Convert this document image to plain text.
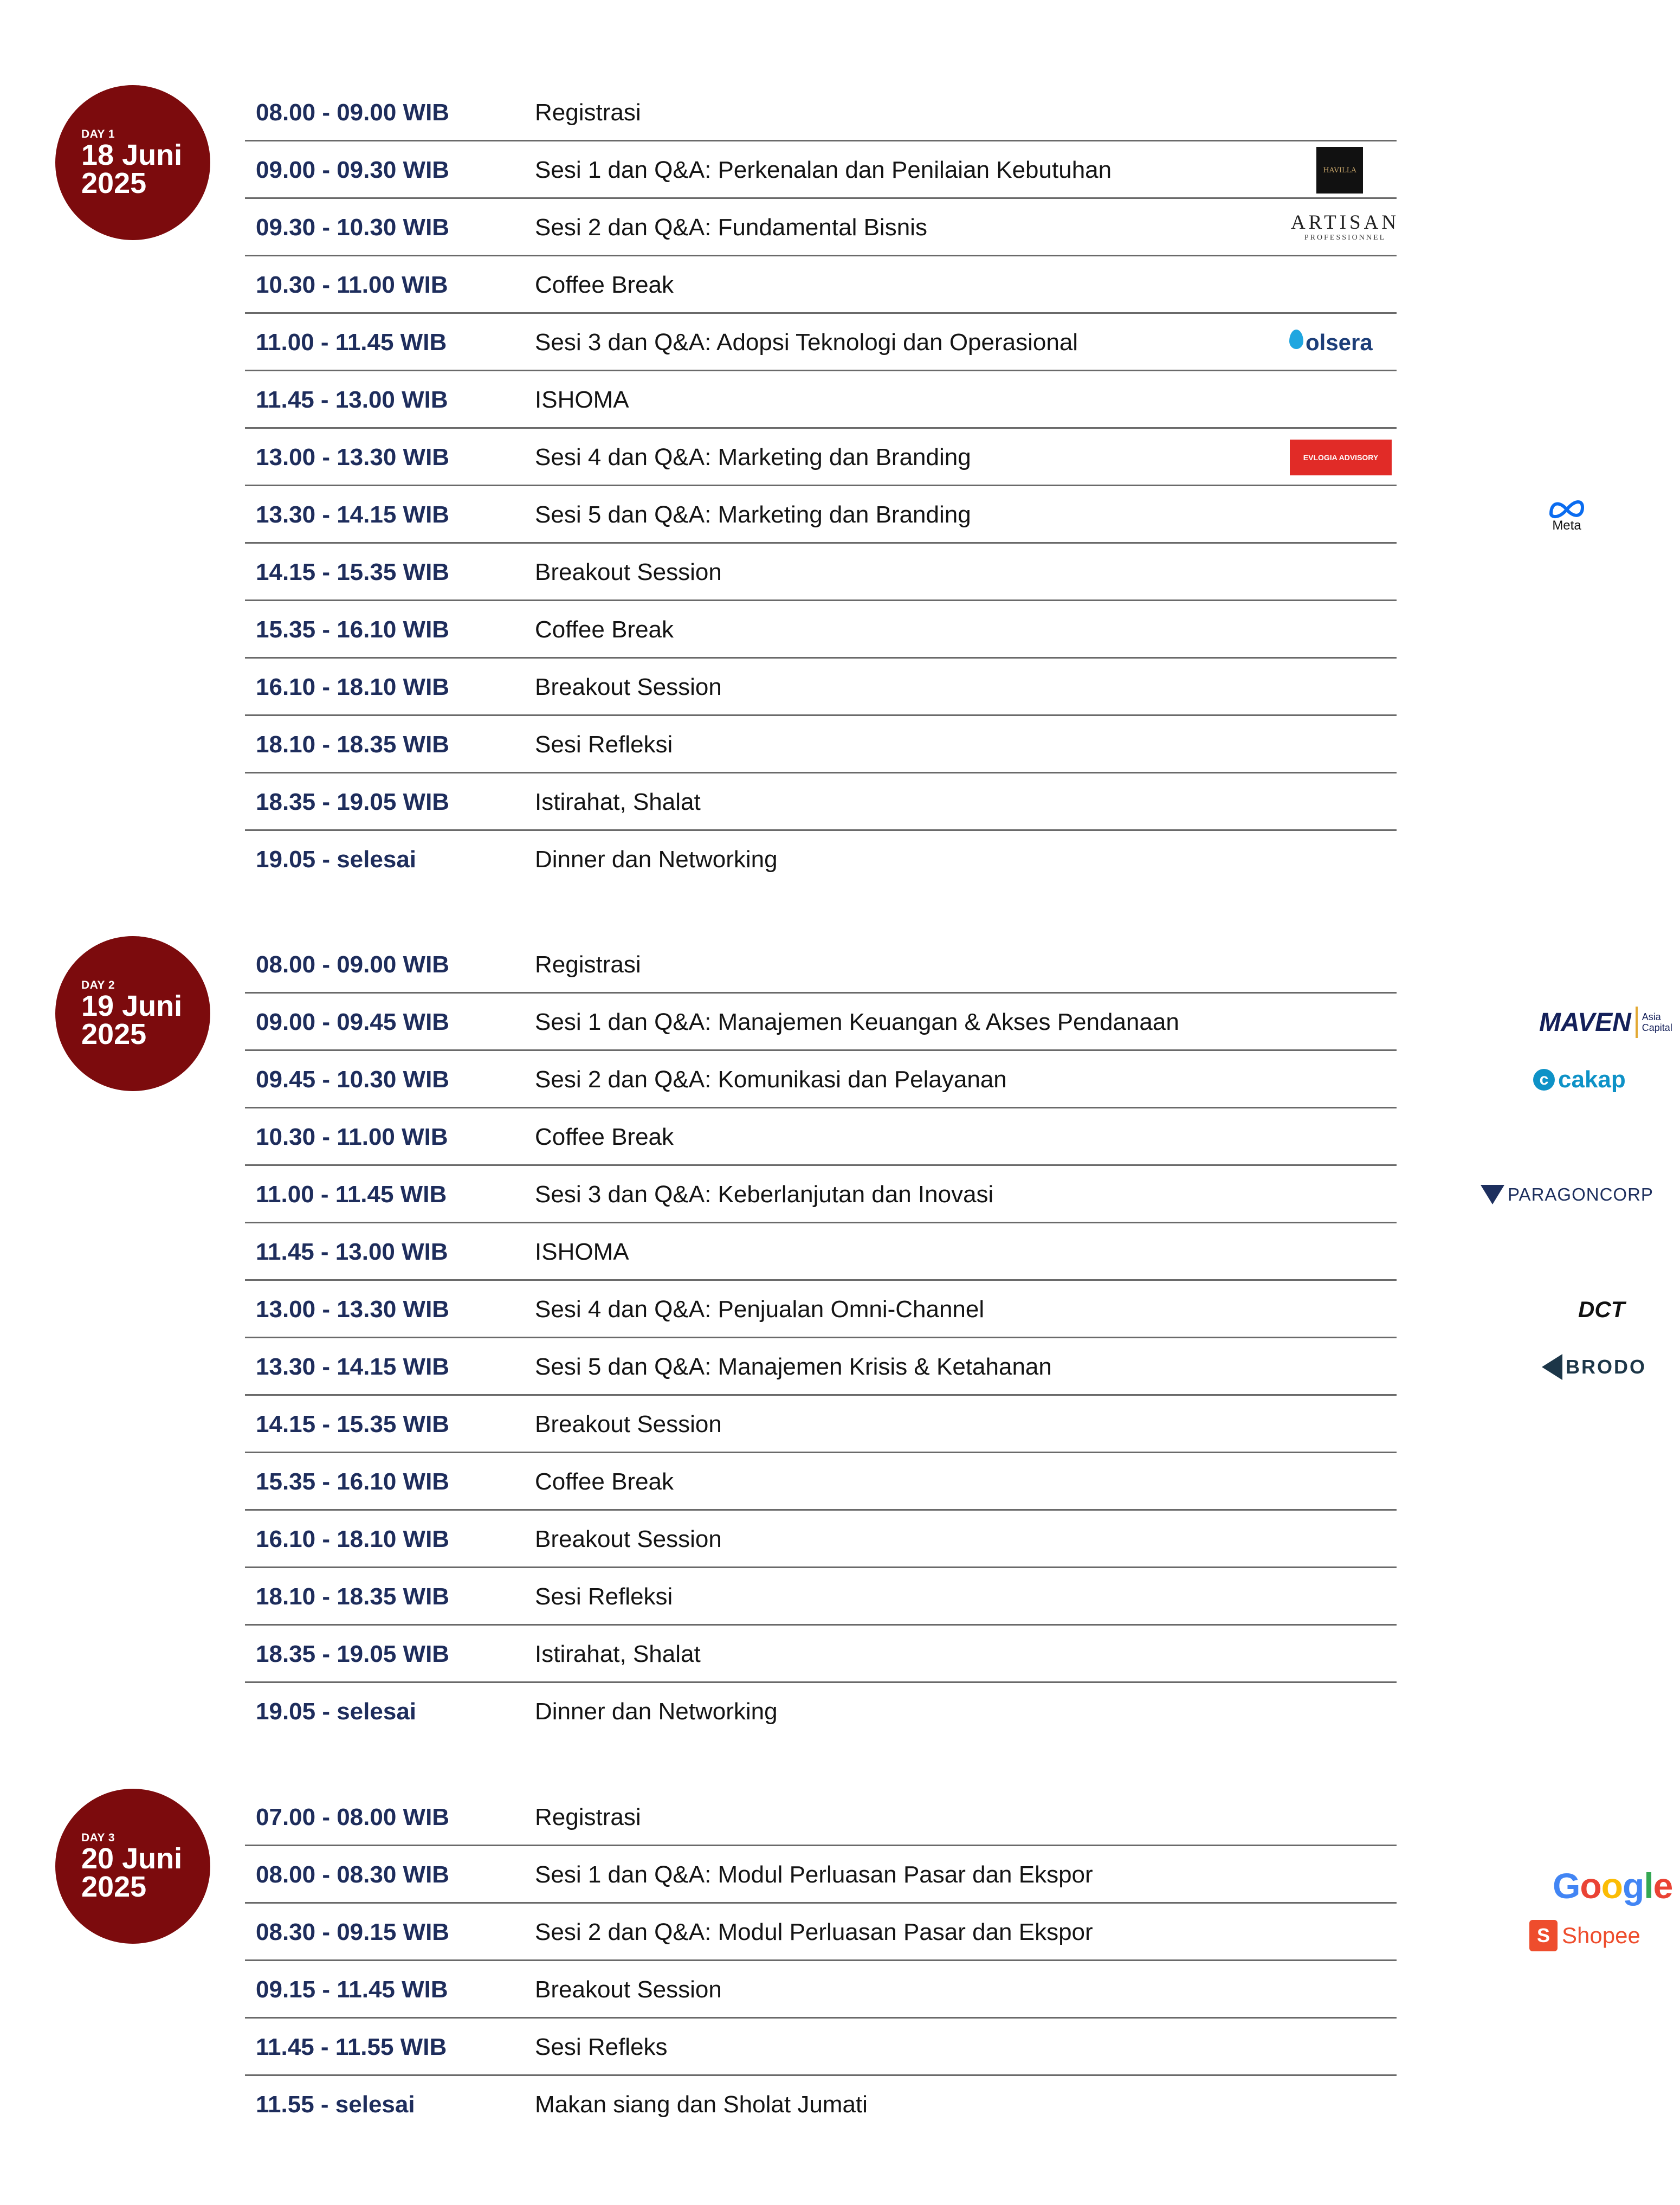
DAY 1
18 Juni
2025
08.00 - 09.00 WIB	Registrasi
09.00 - 09.30 WIB	Sesi 1 dan Q&A: Perkenalan dan Penilaian Kebutuhan	HAVILLA
09.30 - 10.30 WIB	Sesi 2 dan Q&A: Fundamental Bisnis	ARTISAN
PROFESSIONNEL
10.30 - 11.00 WIB	Coffee Break
11.00 - 11.45 WIB	Sesi 3 dan Q&A: Adopsi Teknologi dan Operasional	olsera
11.45 - 13.00 WIB	ISHOMA
13.00 - 13.30 WIB	Sesi 4 dan Q&A: Marketing dan Branding	EVLOGIA ADVISORY
13.30 - 14.15 WIB	Sesi 5 dan Q&A: Marketing dan Branding	Meta
14.15 - 15.35 WIB	Breakout Session
15.35 - 16.10 WIB	Coffee Break
16.10 - 18.10 WIB	Breakout Session
18.10 - 18.35 WIB	Sesi Refleksi
18.35 - 19.05 WIB	Istirahat, Shalat
19.05 - selesai	Dinner dan Networking
DAY 2
19 Juni
2025
08.00 - 09.00 WIB	Registrasi
09.00 - 09.45 WIB	Sesi 1 dan Q&A: Manajemen Keuangan & Akses Pendanaan	MAVEN Asia Capital
09.45 - 10.30 WIB	Sesi 2 dan Q&A: Komunikasi dan Pelayanan	c cakap
10.30 - 11.00 WIB	Coffee Break
11.00 - 11.45 WIB	Sesi 3 dan Q&A: Keberlanjutan dan Inovasi	PARAGONCORP
11.45 - 13.00 WIB	ISHOMA
13.00 - 13.30 WIB	Sesi 4 dan Q&A: Penjualan Omni-Channel	DCT
13.30 - 14.15 WIB	Sesi 5 dan Q&A: Manajemen Krisis & Ketahanan	BRODO
14.15 - 15.35 WIB	Breakout Session
15.35 - 16.10 WIB	Coffee Break
16.10 - 18.10 WIB	Breakout Session
18.10 - 18.35 WIB	Sesi Refleksi
18.35 - 19.05 WIB	Istirahat, Shalat
19.05 - selesai	Dinner dan Networking
DAY 3
20 Juni
2025
07.00 - 08.00 WIB	Registrasi
08.00 - 08.30 WIB	Sesi 1 dan Q&A: Modul Perluasan Pasar dan Ekspor	Google
08.30 - 09.15 WIB	Sesi 2 dan Q&A: Modul Perluasan Pasar dan Ekspor	S Shopee
09.15 - 11.45 WIB	Breakout Session
11.45 - 11.55 WIB	Sesi Refleks
11.55 - selesai	Makan siang dan Sholat Jumati
